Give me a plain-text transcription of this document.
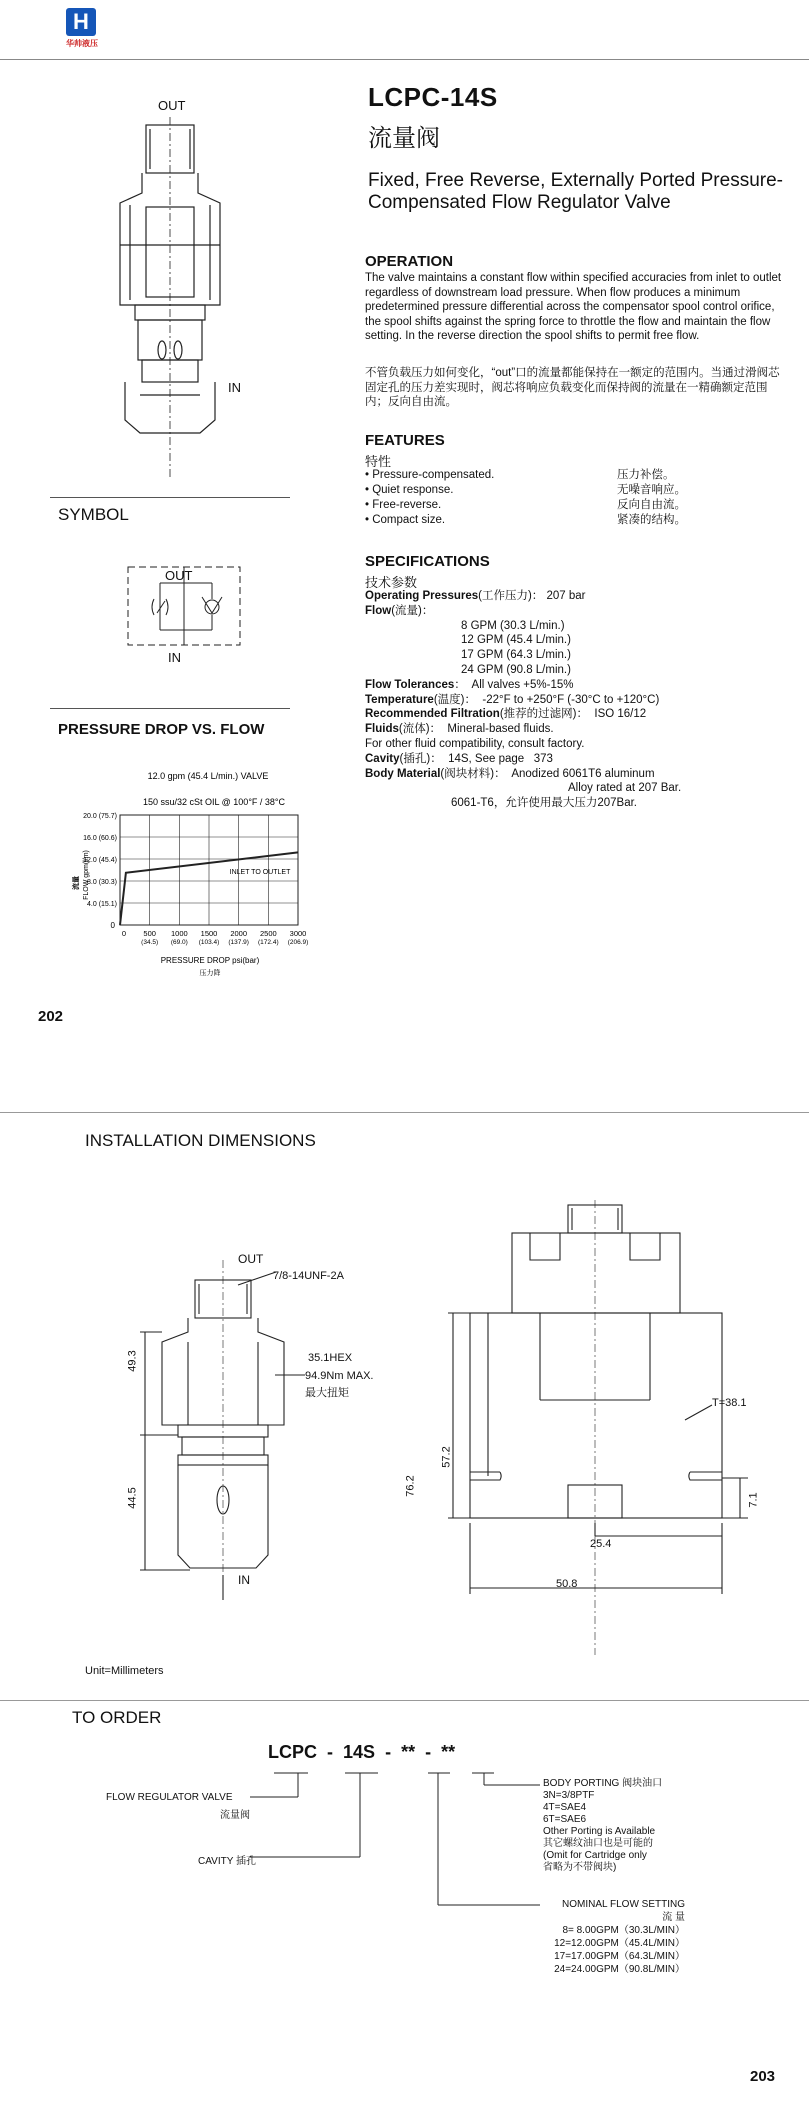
H
华帅液压
LCPC-14S
流量阀
Fixed, Free Reverse, Externally Ported Pressure-Compensated Flow Regulator Valve
OUT
IN
SYMBOL
OUT
IN
OPERATION
The valve maintains a constant flow within specified accuracies from inlet to outlet regardless of downstream load pressure. When flow produces a minimum predetermined pressure differential across the compensator spool control orifice, the spool shifts against the spring force to throttle the flow and maintain the flow setting. In the reverse direction the spool shifts to permit free flow.
不管负载压力如何变化，“out”口的流量都能保持在一额定的范围内。当通过滑阀芯固定孔的压力差实现时，阀芯将响应负载变化而保持阀的流量在一精确额定范围内；反向自由流。
FEATURES
特性
• Pressure-compensated.	压力补偿。
• Quiet response.	无噪音响应。
• Free-reverse.	反向自由流。
• Compact size.	紧凑的结构。
SPECIFICATIONS
技术参数
Operating Pressures(工作压力)： 207 bar
Flow(流量)：
8 GPM (30.3 L/min.)
12 GPM (45.4 L/min.)
17 GPM (64.3 L/min.)
24 GPM (90.8 L/min.)
Flow Tolerances：  All valves +5%-15%
Temperature(温度)：  -22°F to +250°F (-30°C to +120°C)
Recommended Filtration(推荐的过滤网)：  ISO 16/12
Fluids(流体)：  Mineral-based fluids.
For other fluid compatibility, consult factory.
Cavity(插孔)：  14S, See page   373
Body Material(阀块材料)：  Anodized 6061T6 aluminum
Alloy rated at 207 Bar.
6061-T6，允许使用最大压力207Bar.
PRESSURE DROP VS. FLOW
12.0 gpm (45.4 L/min.) VALVE
150 ssu/32 cSt OIL @ 100°F / 38°C
4.0 (15.1)
8.0 (30.3)
12.0 (45.4)
16.0 (60.6)
20.0 (75.7)
0 500 1000 1500 2000 2500 3000
(34.5) (69.0) (103.4) (137.9) (172.4) (206.9)
INLET TO OUTLET
流量 FLOW gpm(l/m)
0
PRESSURE DROP psi(bar)
压力降
202
INSTALLATION DIMENSIONS
OUT
7/8-14UNF-2A
35.1HEX
94.9Nm MAX.
最大扭矩
49.3
44.5
IN
57.2
76.2
T=38.1
7.1
25.4
50.8
Unit=Millimeters
TO ORDER
LCPC - 14S - ** - **
FLOW REGULATOR VALVE
流量阀
CAVITY 插孔
BODY PORTING 阀块油口
3N=3/8PTF
4T=SAE4
6T=SAE6
Other Porting is Available
其它螺纹油口也是可能的
(Omit for Cartridge only
省略为不带阀块)
NOMINAL FLOW SETTING
流 量
8= 8.00GPM（30.3L/MIN）
12=12.00GPM（45.4L/MIN）
17=17.00GPM（64.3L/MIN）
24=24.00GPM（90.8L/MIN）
203
